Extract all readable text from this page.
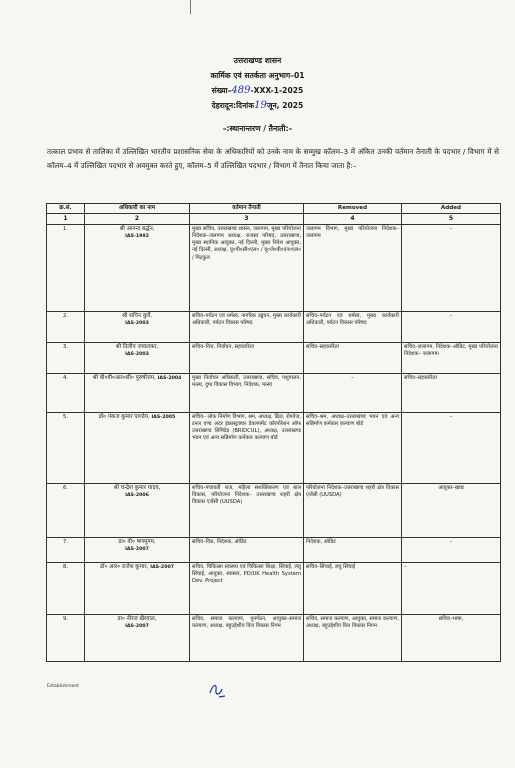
उत्तराखण्ड शासन
कार्मिक एवं सतर्कता अनुभाग–01
संख्या–489-XXX-1-2025
देहरादून:दिनांक19जून, 2025
–:स्थानान्तरण / तैनाती:–
तत्काल प्रभाव से तालिका में उल्लिखित भारतीय प्रशासनिक सेवा के अधिकारियों को उनके नाम के सम्मुख कॉलम–3 में अंकित उनकी वर्तमान तैनाती के पदभार / विभाग में से कॉलम–4 में उल्लिखित पदभार से अवमुक्त करते हुए, कॉलम–5 में उल्लिखित पदभार / विभाग में तैनात किया जाता है:–
क्र.सं.	अधिकारी का नाम	वर्तमान तैनाती	Removed	Added
1	2	3	4	5
1.	श्री आनन्द बर्द्धन,
IAS-1992	मुख्य सचिव, उत्तराखण्ड शासन, जलागम, मुख्य परियोजना निदेशक–जलागम अध्यक्ष, राजस्व परिषद, उत्तराखण्ड, मुख्य स्थानिक आयुक्त, नई दिल्ली, मुख्य निवेश आयुक्त, नई दिल्ली, अध्यक्ष, यू०पी०सी०एल० / यू०जे०वी०एन०एल० / पिटकुल	जलागम विभाग, मुख्य परियोजना निदेशक–जलागम	–
2.	श्री सचिन कुर्वे,
IAS-2003	सचिव–पर्यटन एवं धर्मस्व, नागरिक उड्डयन, मुख्य कार्यकारी अधिकारी, पर्यटन विकास परिषद	सचिव–पर्यटन एवं धर्मस्व, मुख्य कार्यकारी अधिकारी, पर्यटन विकास परिषद	–
3.	श्री दिलीप जावलकर,
IAS-2003	सचिव–वित्त, निर्वाचन, सहकारिता	सचिव–सहकारिता	सचिव–जलागम, निदेशक–ऑडिट, मुख्य परियोजना निदेशक– जलागम।
4.	श्री बी०वी०आर०सी० पुरुषोत्तम, IAS-2004	मुख्य निर्वाचन अधिकारी, उत्तराखण्ड, सचिव, पशुपालन, मत्स्य, दुग्ध विकास विभाग, निदेशक, मत्स्य	–	सचिव–सहकारिता
5.	डॉ० पंकज कुमार पाण्डेय, IAS-2005	सचिव– लोक निर्माण विभाग, श्रम, अध्यक्ष, ब्रिज, रोपवेज, टनल एण्ड अदर इंफ्रास्ट्रक्चर डेवलपमेंट कॉरपोरेशन ऑफ उत्तराखण्ड लिमिटेड (BRIDCUL), अध्यक्ष, उत्तराखण्ड भवन एवं अन्य सन्निर्माण कर्मकार कल्याण बोर्ड	सचिव–श्रम, अध्यक्ष–उत्तराखण्ड भवन एवं अन्य सन्निर्माण कर्मकार कल्याण बोर्ड	–
6.	श्री चन्द्रेश कुमार यादव,
IAS-2006	सचिव–पंचायती राज, महिला सशक्तिकरण एवं बाल विकास, परियोजना निदेशक– उत्तराखण्ड शहरी क्षेत्र विकास एजेंसी (UUSDA)	परियोजना निदेशक–उत्तराखण्ड शहरी क्षेत्र विकास एजेंसी (UUSDA)	आयुक्त–खाद्य
7.	डा० वी० षणमुगम,
IAS-2007	सचिव–वित्त, निदेशक, ऑडिट	निदेशक, ऑडिट	–
8.	डॉ० आर० राजेश कुमार, IAS-2007	सचिव, चिकित्सा स्वास्थ्य एवं चिकित्सा शिक्षा, सिंचाई, लघु सिंचाई, आयुक्त, स्वास्थ्य, PD/UK Health System Dev. Project	सचिव–सिंचाई, लघु सिंचाई	–
9.	डा० नीरज खैरवाल,
IAS-2007	सचिव, समाज कल्याण, पुनर्गठन, आयुक्त–समाज कल्याण, अध्यक्ष, बहुउद्देशीय वित्त विकास निगम	सचिव, समाज कल्याण, आयुक्त, समाज कल्याण, अध्यक्ष, बहुउद्देशीय वित्त विकास निगम	सचिव–भाषा,
Establishment
